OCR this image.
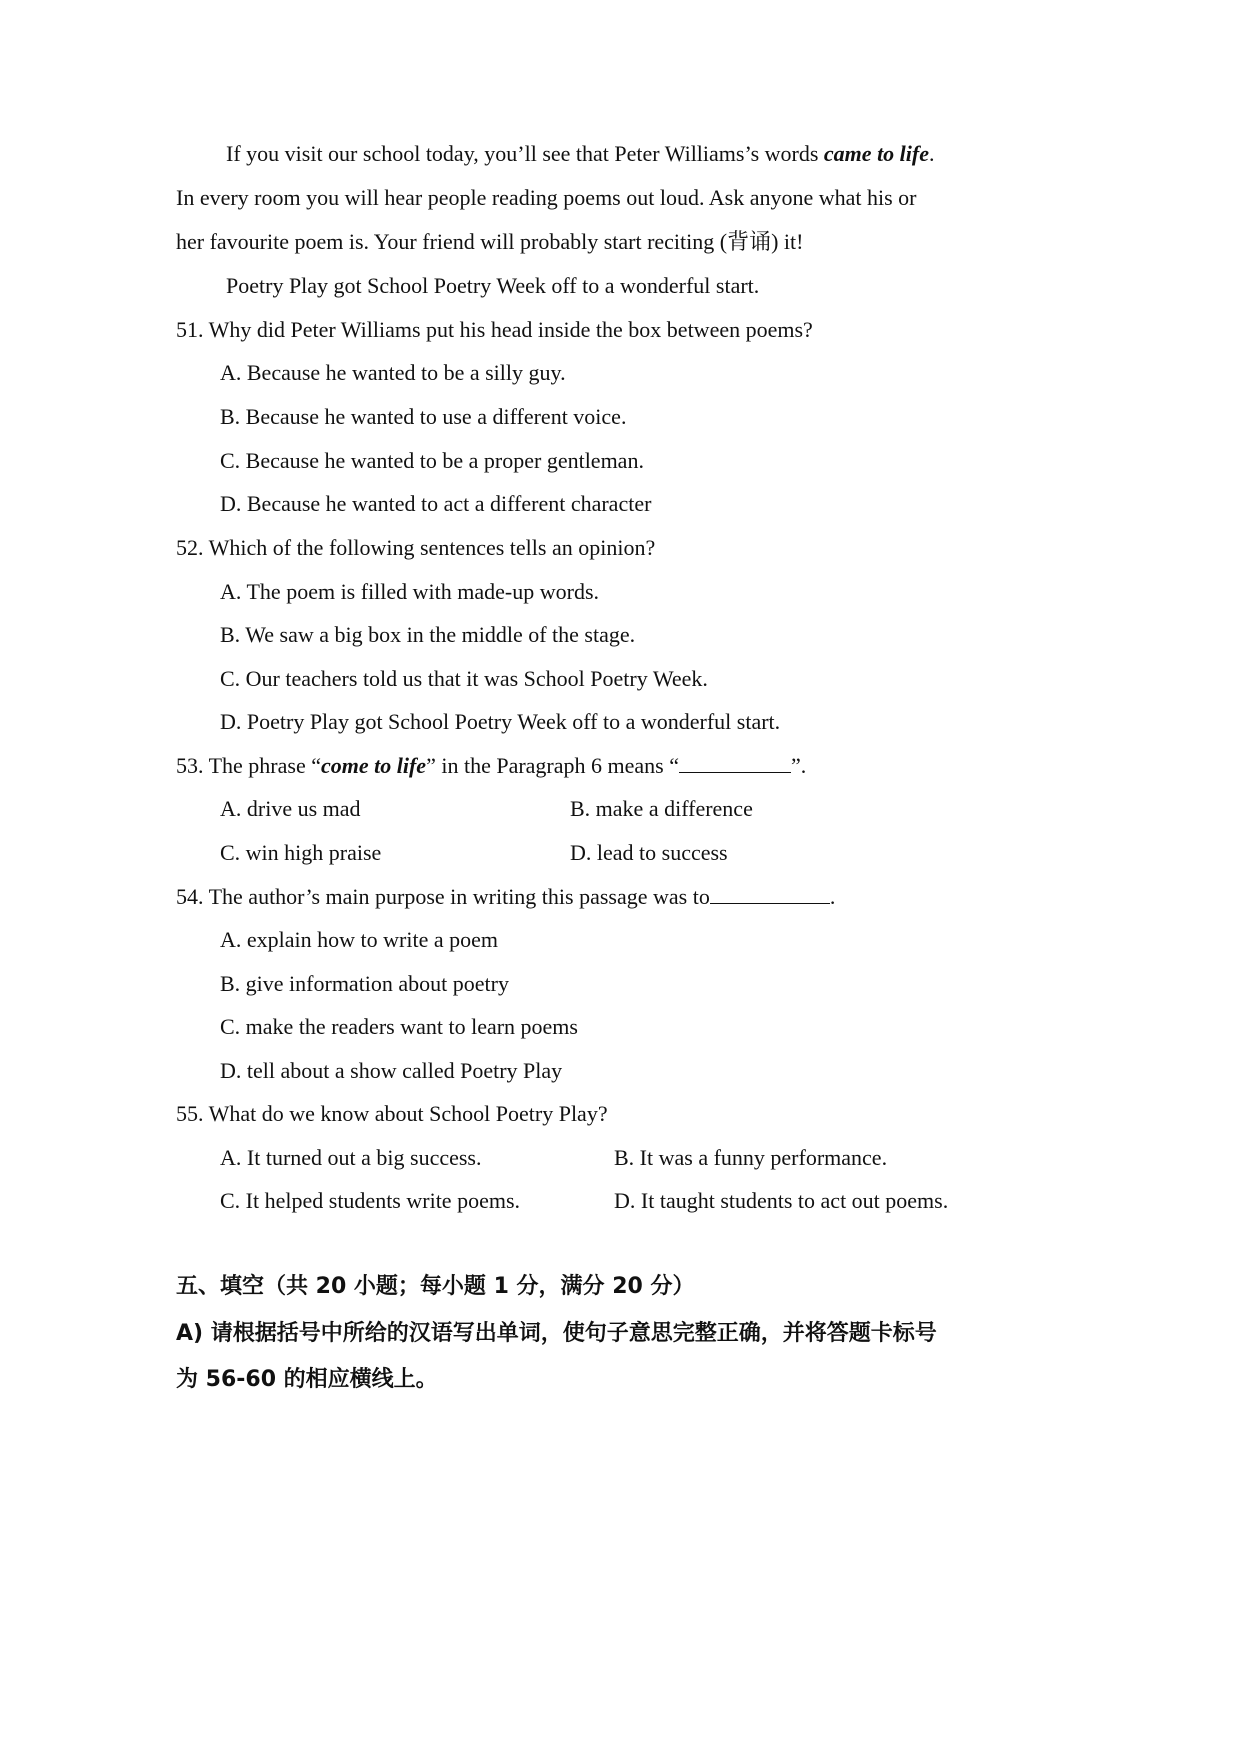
If you visit our school today, you’ll see that Peter Williams’s words came to life.
In every room you will hear people reading poems out loud. Ask anyone what his or
her favourite poem is. Your friend will probably start reciting (背诵) it!
Poetry Play got School Poetry Week off to a wonderful start.
51. Why did Peter Williams put his head inside the box between poems?
A. Because he wanted to be a silly guy.
B. Because he wanted to use a different voice.
C. Because he wanted to be a proper gentleman.
D. Because he wanted to act a different character
52. Which of the following sentences tells an opinion?
A. The poem is filled with made-up words.
B. We saw a big box in the middle of the stage.
C. Our teachers told us that it was School Poetry Week.
D. Poetry Play got School Poetry Week off to a wonderful start.
53. The phrase “come to life” in the Paragraph 6 means “	”.
A. drive us mad	B. make a difference
C. win high praise	D. lead to success
54. The author’s main purpose in writing this passage was to	.
A. explain how to write a poem
B. give information about poetry
C. make the readers want to learn poems
D. tell about a show called Poetry Play
55. What do we know about School Poetry Play?
A. It turned out a big success.	B. It was a funny performance.
C. It helped students write poems.	D. It taught students to act out poems.
五、填空（共 20 小题；每小题 1 分，满分 20 分）
A) 请根据括号中所给的汉语写出单词，使句子意思完整正确，并将答题卡标号
为 56-60 的相应横线上。
